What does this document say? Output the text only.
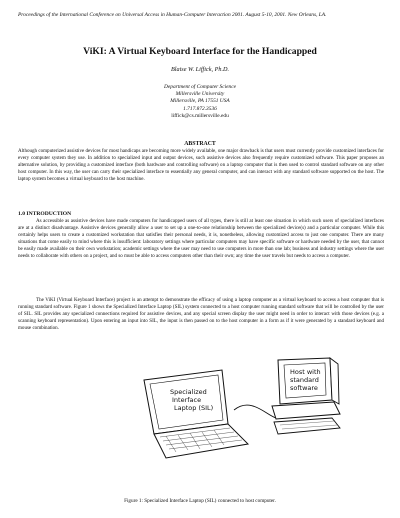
Proceedings of the International Conference on Universal Access in Human-Computer Interaction 2001. August 5-10, 2001. New Orleans, LA.
ViKI: A Virtual Keyboard Interface for the Handicapped
Blaise W. Liffick, Ph.D.
Department of Computer Science
Millersville University
Millersville, PA 17551 USA
1.717.872.3536
liffick@cs.millersville.edu
ABSTRACT
Although computerized assistive devices for most handicaps are becoming more widely available, one major drawback is that users must currently provide customized interfaces for every computer system they use. In addition to specialized input and output devices, such assistive devices also frequently require customized software. This paper proposes an alternative solution, by providing a customized interface (both hardware and controlling software) on a laptop computer that is then used to control standard software on any other host computer. In this way, the user can carry their specialized interface to essentially any general computer, and can interact with any standard software supported on the host. The laptop system becomes a virtual keyboard to the host machine.
1.0 INTRODUCTION
As accessible as assistive devices have made computers for handicapped users of all types, there is still at least one situation in which such users of specialized interfaces are at a distinct disadvantage. Assistive devices generally allow a user to set up a one-to-one relationship between the specialized device(s) and a particular computer. While this certainly helps users to create a customized workstation that satisfies their personal needs, it is, nonetheless, allowing customized access to just one computer. There are many situations that come easily to mind where this is insufficient: laboratory settings where particular computers may have specific software or hardware needed by the user, that cannot be easily made available on their own workstation; academic settings where the user may need to use computers in more than one lab; business and industry settings where the user needs to collaborate with others on a project, and so must be able to access computers other than their own; any time the user travels but needs to access a computer.
The ViKI (Virtual Keyboard Interface) project is an attempt to demonstrate the efficacy of using a laptop computer as a virtual keyboard to access a host computer that is running standard software. Figure 1 shows the Specialized Interface Laptop (SIL) system connected to a host computer running standard software that will be controlled by the user of SIL. SIL provides any specialized connections required for assistive devices, and any special screen display the user might need in order to interact with those devices (e.g. a scanning keyboard representation). Upon entering an input into SIL, the input is then passed on to the host computer in a form as if it were generated by a standard keyboard and mouse combination.
Specialized
Interface
Laptop (SIL)
Host with
standard
software
Figure 1: Specialized Interface Laptop (SIL) connected to host computer.
